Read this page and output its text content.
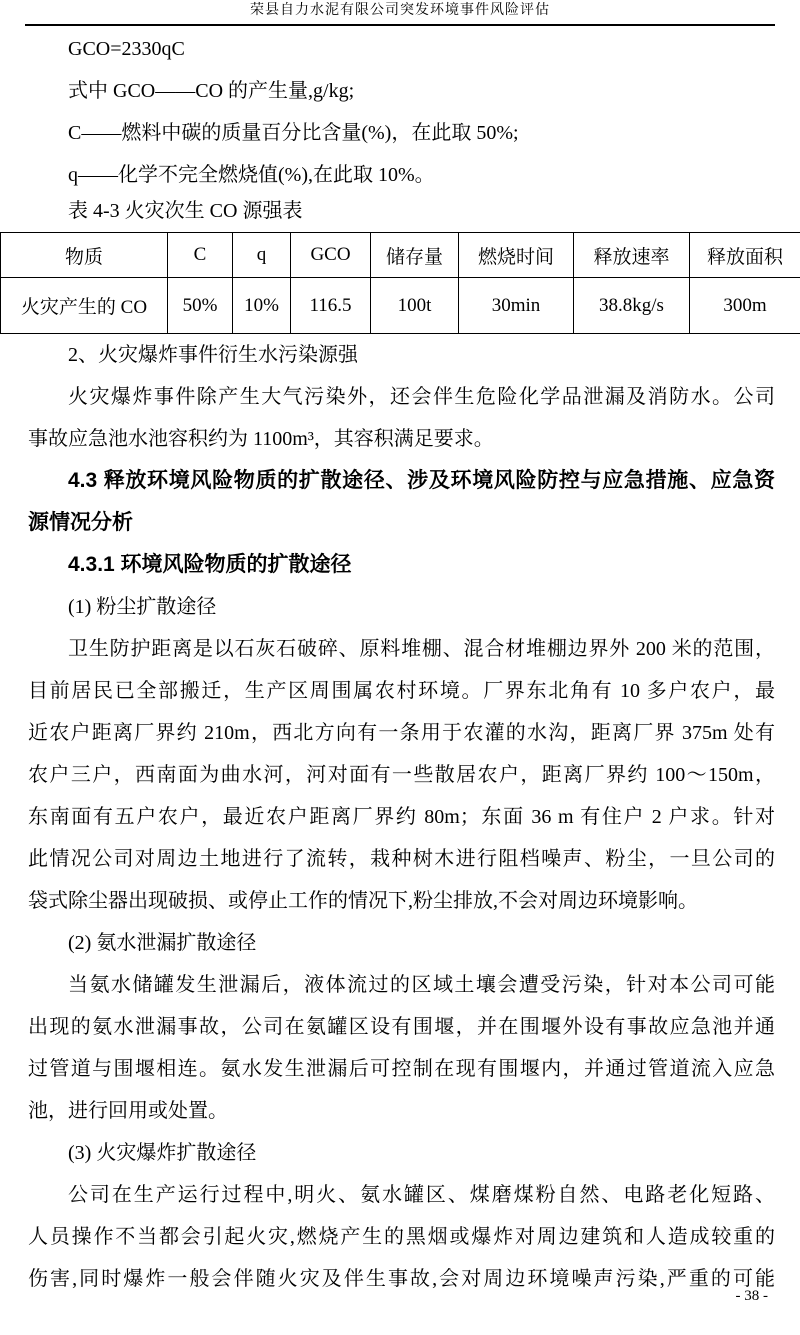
荣县自力水泥有限公司突发环境事件风险评估
GCO=2330qC
式中 GCO——CO 的产生量,g/kg;
C——燃料中碳的质量百分比含量(%)，在此取 50%;
q——化学不完全燃烧值(%),在此取 10%。
表 4-3 火灾次生 CO 源强表
物质	C	q	GCO	储存量	燃烧时间	释放速率	释放面积
火灾产生的 CO	50%	10%	116.5	100t	30min	38.8kg/s	300m
2、火灾爆炸事件衍生水污染源强
火灾爆炸事件除产生大气污染外，还会伴生危险化学品泄漏及消防水。公司
事故应急池水池容积约为 1100m³，其容积满足要求。
4.3 释放环境风险物质的扩散途径、涉及环境风险防控与应急措施、应急资
源情况分析
4.3.1 环境风险物质的扩散途径
(1) 粉尘扩散途径
卫生防护距离是以石灰石破碎、原料堆棚、混合材堆棚边界外 200 米的范围，
目前居民已全部搬迁，生产区周围属农村环境。厂界东北角有 10 多户农户，最
近农户距离厂界约 210m，西北方向有一条用于农灌的水沟，距离厂界 375m 处有
农户三户，西南面为曲水河，河对面有一些散居农户，距离厂界约 100～150m，
东南面有五户农户，最近农户距离厂界约 80m；东面 36 m 有住户 2 户求。针对
此情况公司对周边土地进行了流转，栽种树木进行阻档噪声、粉尘，一旦公司的
袋式除尘器出现破损、或停止工作的情况下,粉尘排放,不会对周边环境影响。
(2) 氨水泄漏扩散途径
当氨水储罐发生泄漏后，液体流过的区域土壤会遭受污染，针对本公司可能
出现的氨水泄漏事故，公司在氨罐区设有围堰，并在围堰外设有事故应急池并通
过管道与围堰相连。氨水发生泄漏后可控制在现有围堰内，并通过管道流入应急
池，进行回用或处置。
(3) 火灾爆炸扩散途径
公司在生产运行过程中,明火、氨水罐区、煤磨煤粉自然、电路老化短路、
人员操作不当都会引起火灾,燃烧产生的黑烟或爆炸对周边建筑和人造成较重的
伤害,同时爆炸一般会伴随火灾及伴生事故,会对周边环境噪声污染,严重的可能
- 38 -
